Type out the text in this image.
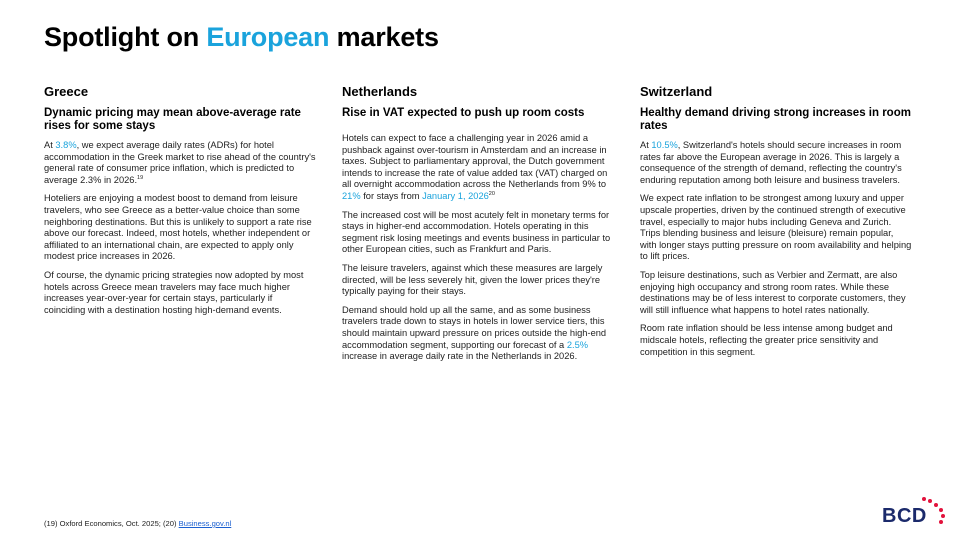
Spotlight on European markets
Greece
Dynamic pricing may mean above-average rate rises for some stays

At 3.8%, we expect average daily rates (ADRs) for hotel accommodation in the Greek market to rise ahead of the country's general rate of consumer price inflation, which is predicted to average 2.3% in 2026.19

Hoteliers are enjoying a modest boost to demand from leisure travelers, who see Greece as a better-value choice than some neighboring destinations. But this is unlikely to support a rate rise above our forecast. Indeed, most hotels, whether independent or affiliated to an international chain, are expected to apply only modest price increases in 2026.

Of course, the dynamic pricing strategies now adopted by most hotels across Greece mean travelers may face much higher increases year-over-year for certain stays, particularly if coinciding with a destination hosting high-demand events.

Netherlands
Rise in VAT expected to push up room costs

Hotels can expect to face a challenging year in 2026 amid a pushback against over-tourism in Amsterdam and an increase in taxes. Subject to parliamentary approval, the Dutch government intends to increase the rate of value added tax (VAT) charged on all overnight accommodation across the Netherlands from 9% to 21% for stays from January 1, 2026$^{20}$

The increased cost will be most acutely felt in monetary terms for stays in higher-end accommodation. Hotels operating in this segment risk losing meetings and events business in particular to other European cities, such as Frankfurt and Paris.

The leisure travelers, against which these measures are largely directed, will be less severely hit, given the lower prices they're typically paying for their stays.

Demand should hold up all the same, and as some business travelers trade down to stays in hotels in lower service tiers, this should maintain upward pressure on prices outside the high-end accommodation segment, supporting our forecast of a 2.5% increase in average daily rate in the Netherlands in 2026.

Switzerland
Healthy demand driving strong increases in room rates

At 10.5%, Switzerland's hotels should secure increases in room rates far above the European average in 2026. This is largely a consequence of the strength of demand, reflecting the country's enduring reputation among both leisure and business travelers.

We expect rate inflation to be strongest among luxury and upper upscale properties, driven by the continued strength of executive travel, especially to major hubs including Geneva and Zurich. Trips blending business and leisure (bleisure) remain popular, with longer stays putting pressure on room availability and helping to lift prices.

Top leisure destinations, such as Verbier and Zermatt, are also enjoying high occupancy and strong room rates. While these destinations may be of less interest to corporate customers, they will still influence what happens to hotel rates nationally.

Room rate inflation should be less intense among budget and midscale hotels, reflecting the greater price sensitivity and competition in this segment.

(19) Oxford Economics, Oct. 2025; (20) Business.gov.nl	BCD
